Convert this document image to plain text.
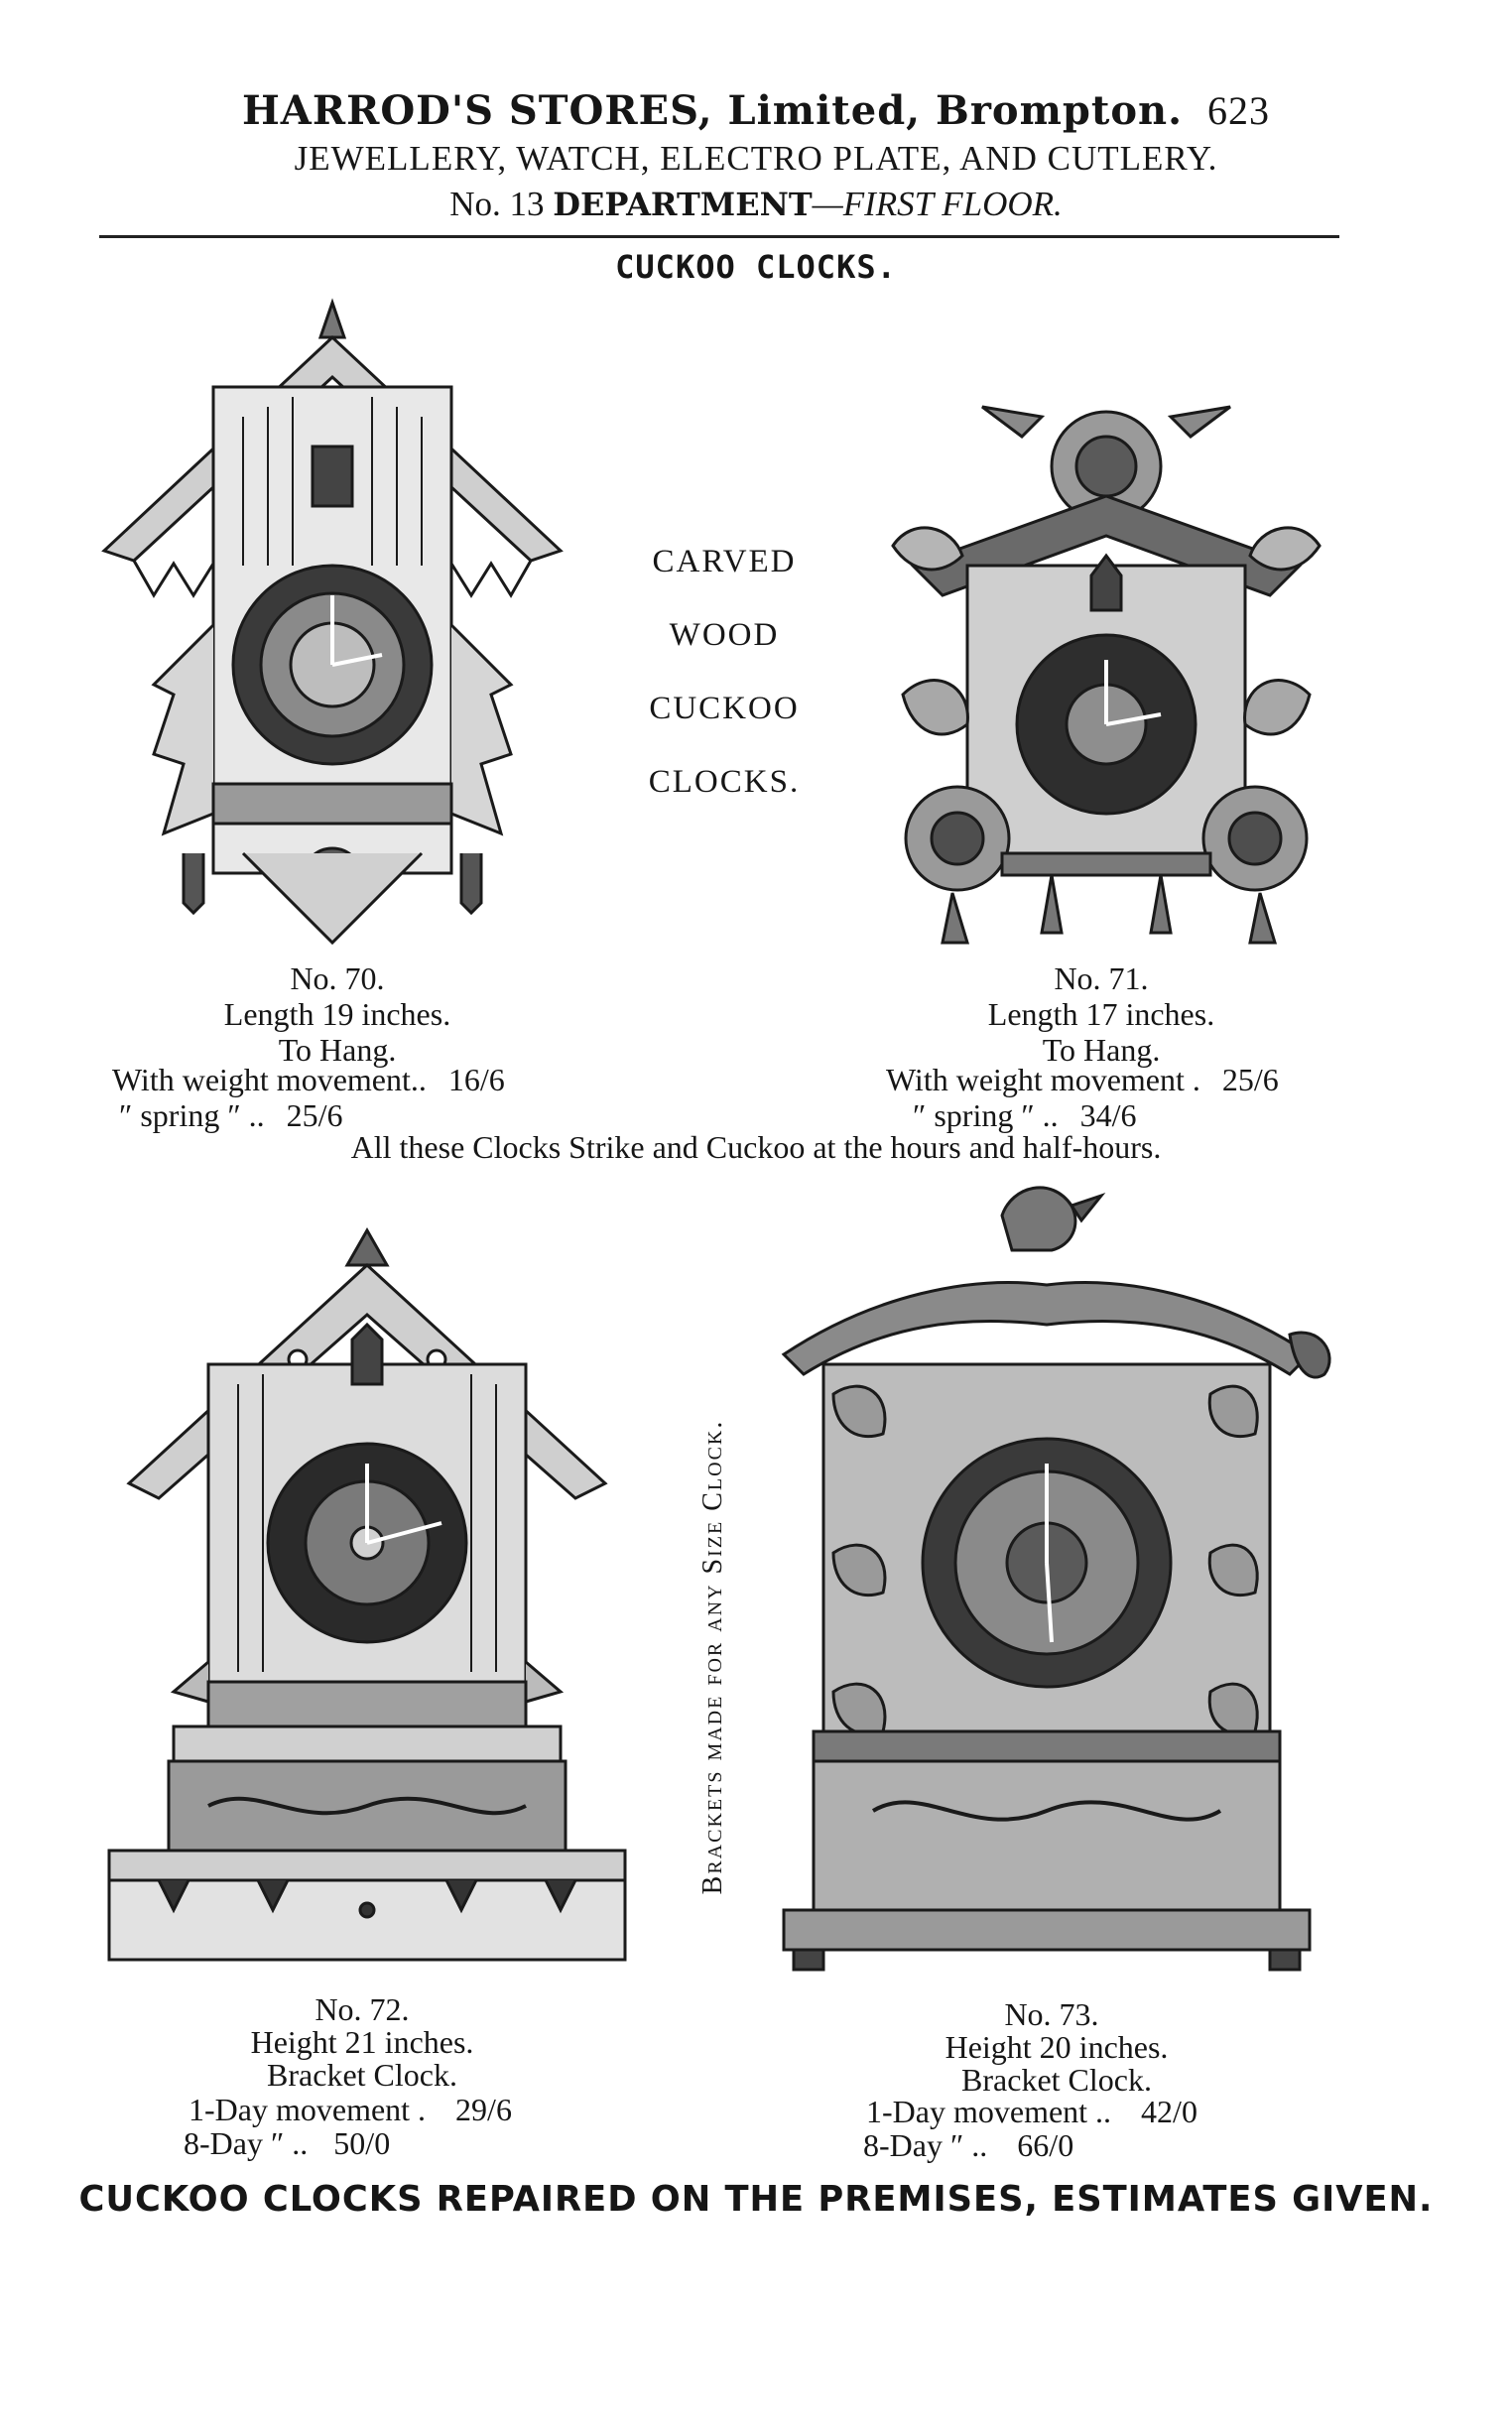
HARROD'S STORES, Limited, Brompton. 623
JEWELLERY, WATCH, ELECTRO PLATE, AND CUTLERY.
No. 13 DEPARTMENT—FIRST FLOOR.
CUCKOO CLOCKS.
CARVED
WOOD
CUCKOO
CLOCKS.
No. 70.
Length 19 inches.
To Hang.
With weight movement.. 16/6
″ spring ″ .. 25/6
No. 71.
Length 17 inches.
To Hang.
With weight movement . 25/6
″ spring ″ .. 34/6
All these Clocks Strike and Cuckoo at the hours and half-hours.
Brackets made for any Size Clock.
No. 72.
Height 21 inches.
Bracket Clock.
1-Day movement . 29/6
8-Day ″ .. 50/0
No. 73.
Height 20 inches.
Bracket Clock.
1-Day movement .. 42/0
8-Day ″ .. 66/0
CUCKOO CLOCKS REPAIRED ON THE PREMISES, ESTIMATES GIVEN.
